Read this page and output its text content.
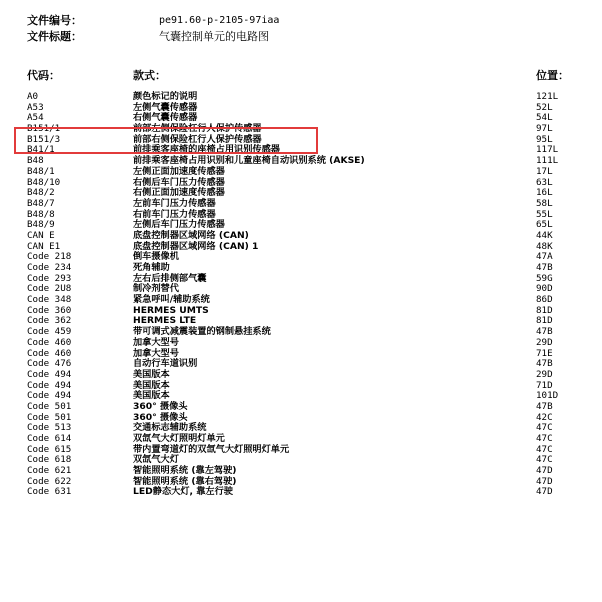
文件编号：	pe91.60-p-2105-97iaa
文件标题：	气囊控制单元的电路图
代码：	款式：	位置：
A0	颜色标记的说明	121L
A53	左侧气囊传感器	52L
A54	右侧气囊传感器	54L
B151/1	前部左侧保险杠行人保护传感器	97L
B151/3	前部右侧保险杠行人保护传感器	95L
B41/1	前排乘客座椅的座椅占用识别传感器	117L
B48	前排乘客座椅占用识别和儿童座椅自动识别系统 (AKSE)	111L
B48/1	左侧正面加速度传感器	17L
B48/10	右侧后车门压力传感器	63L
B48/2	右侧正面加速度传感器	16L
B48/7	左前车门压力传感器	58L
B48/8	右前车门压力传感器	55L
B48/9	左侧后车门压力传感器	65L
CAN E	底盘控制器区域网络 (CAN)	44K
CAN E1	底盘控制器区域网络 (CAN) 1	48K
Code 218	倒车摄像机	47A
Code 234	死角辅助	47B
Code 293	左右后排侧部气囊	59G
Code 2U8	制冷剂替代	90D
Code 348	紧急呼叫/辅助系统	86D
Code 360	HERMES UMTS	81D
Code 362	HERMES LTE	81D
Code 459	带可调式减震装置的钢制悬挂系统	47B
Code 460	加拿大型号	29D
Code 460	加拿大型号	71E
Code 476	自动行车道识别	47B
Code 494	美国版本	29D
Code 494	美国版本	71D
Code 494	美国版本	101D
Code 501	360° 摄像头	47B
Code 501	360° 摄像头	42C
Code 513	交通标志辅助系统	47C
Code 614	双氙气大灯照明灯单元	47C
Code 615	带内置弯道灯的双氙气大灯照明灯单元	47C
Code 618	双氙气大灯	47C
Code 621	智能照明系统 (靠左驾驶)	47D
Code 622	智能照明系统 (靠右驾驶)	47D
Code 631	LED静态大灯, 靠左行驶	47D
